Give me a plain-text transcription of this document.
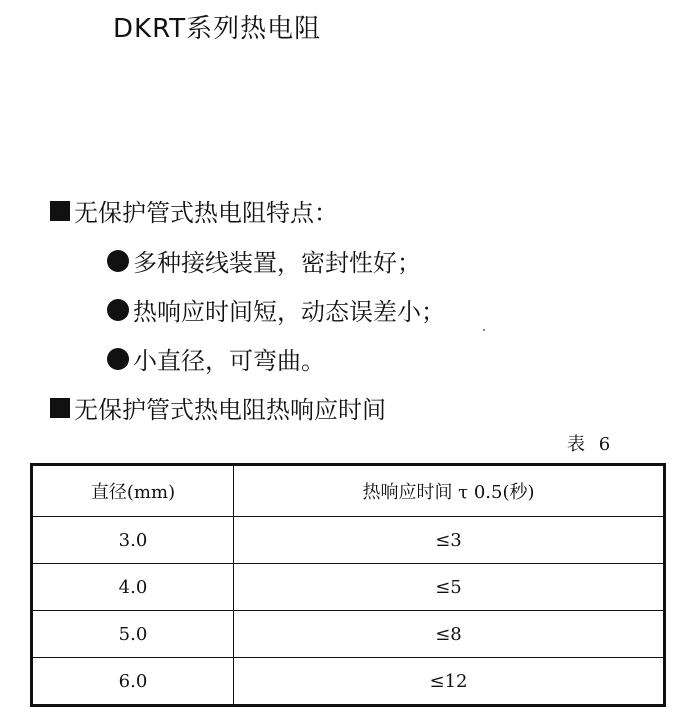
DKRT系列热电阻
无保护管式热电阻特点：
多种接线装置，密封性好；
热响应时间短，动态误差小；
小直径，可弯曲。
无保护管式热电阻热响应时间
表 6
直径(mm)	热响应时间 τ 0.5(秒)
3.0	≤3
4.0	≤5
5.0	≤8
6.0	≤12
